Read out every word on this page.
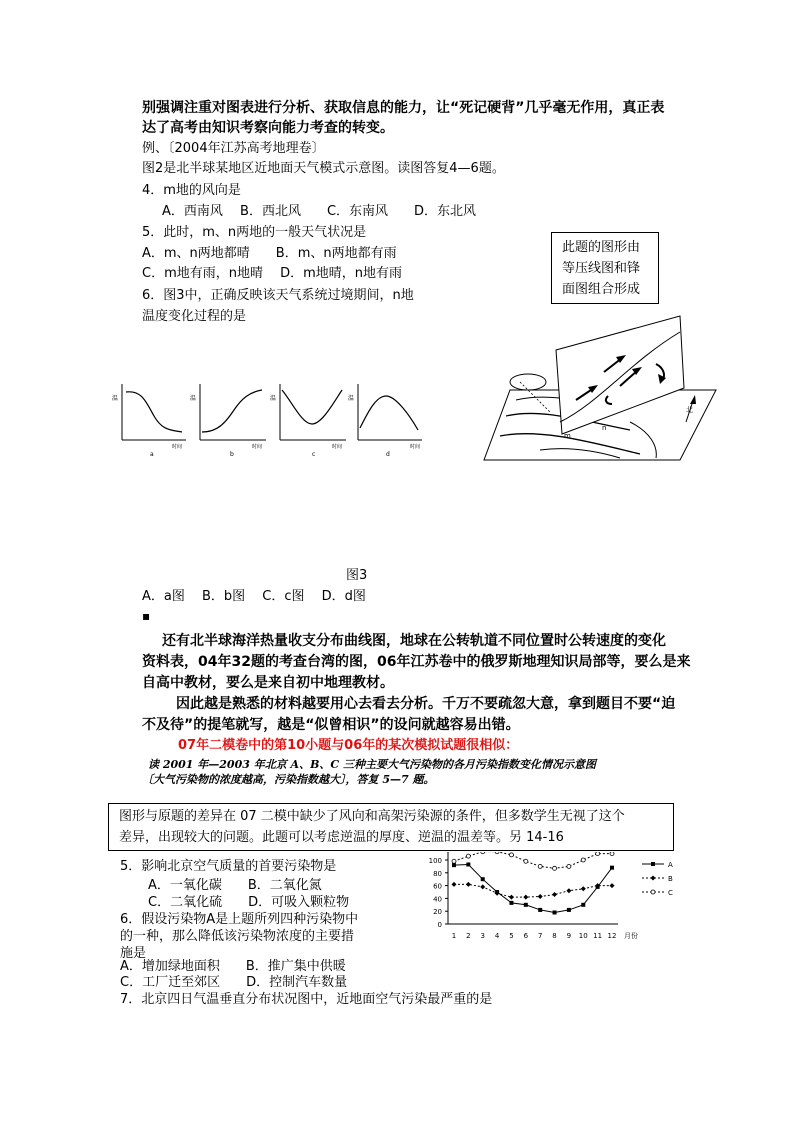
别强调注重对图表进行分析、获取信息的能力，让“死记硬背”几乎毫无作用，真正表
达了高考由知识考察向能力考查的转变。
例、〔2004年江苏高考地理卷〕
图2是北半球某地区近地面天气模式示意图。读图答复4—6题。
4．m地的风向是
A．西南风　 B．西北风　　C．东南风　　D．东北风
5．此时，m、n两地的一般天气状况是
A．m、n两地都晴　　B．m、n两地都有雨
C．m地有雨，n地晴　 D．m地晴，n地有雨
6．图3中，正确反映该天气系统过境期间，n地
温度变化过程的是
此题的图形由
等压线图和锋
面图组合形成
温
时间
a
温
时间
b
温
时间
c
温
时间
d
m
n
北
图3
A．a图　 B．b图　 C．c图　 D．d图
▪
还有北半球海洋热量收支分布曲线图，地球在公转轨道不同位置时公转速度的变化
资料表，04年32题的考查台湾的图，06年江苏卷中的俄罗斯地理知识局部等，要么是来
自高中教材，要么是来自初中地理教材。
因此越是熟悉的材料越要用心去看去分析。千万不要疏忽大意，拿到题目不要“迫
不及待”的提笔就写，越是“似曾相识”的设问就越容易出错。
07年二模卷中的第10小题与06年的某次模拟试题很相似：
读 2001 年—2003 年北京 A、B、C 三种主要大气污染物的各月污染指数变化情况示意图
〔大气污染物的浓度越高，污染指数越大〕，答复 5—7 题。
图形与原题的差异在 07 二模中缺少了风向和高架污染源的条件，但多数学生无视了这个
差异，出现较大的问题。此题可以考虑逆温的厚度、逆温的温差等。另 14-16
5．影响北京空气质量的首要污染物是
A．一氧化碳　　B．二氧化氮
C．二氧化硫　　D．可吸入颗粒物
6．假设污染物A是上题所列四种污染物中
的一种，那么降低该污染物浓度的主要措
施是
A．增加绿地面积　　B．推广集中供暖
C．工厂迁至郊区　　D．控制汽车数量
7．北京四日气温垂直分布状况图中，近地面空气污染最严重的是
0
20
40
60
80
100
1 2 3 4 5 6 7 8 9 10 11 12 月份
A
B
C
